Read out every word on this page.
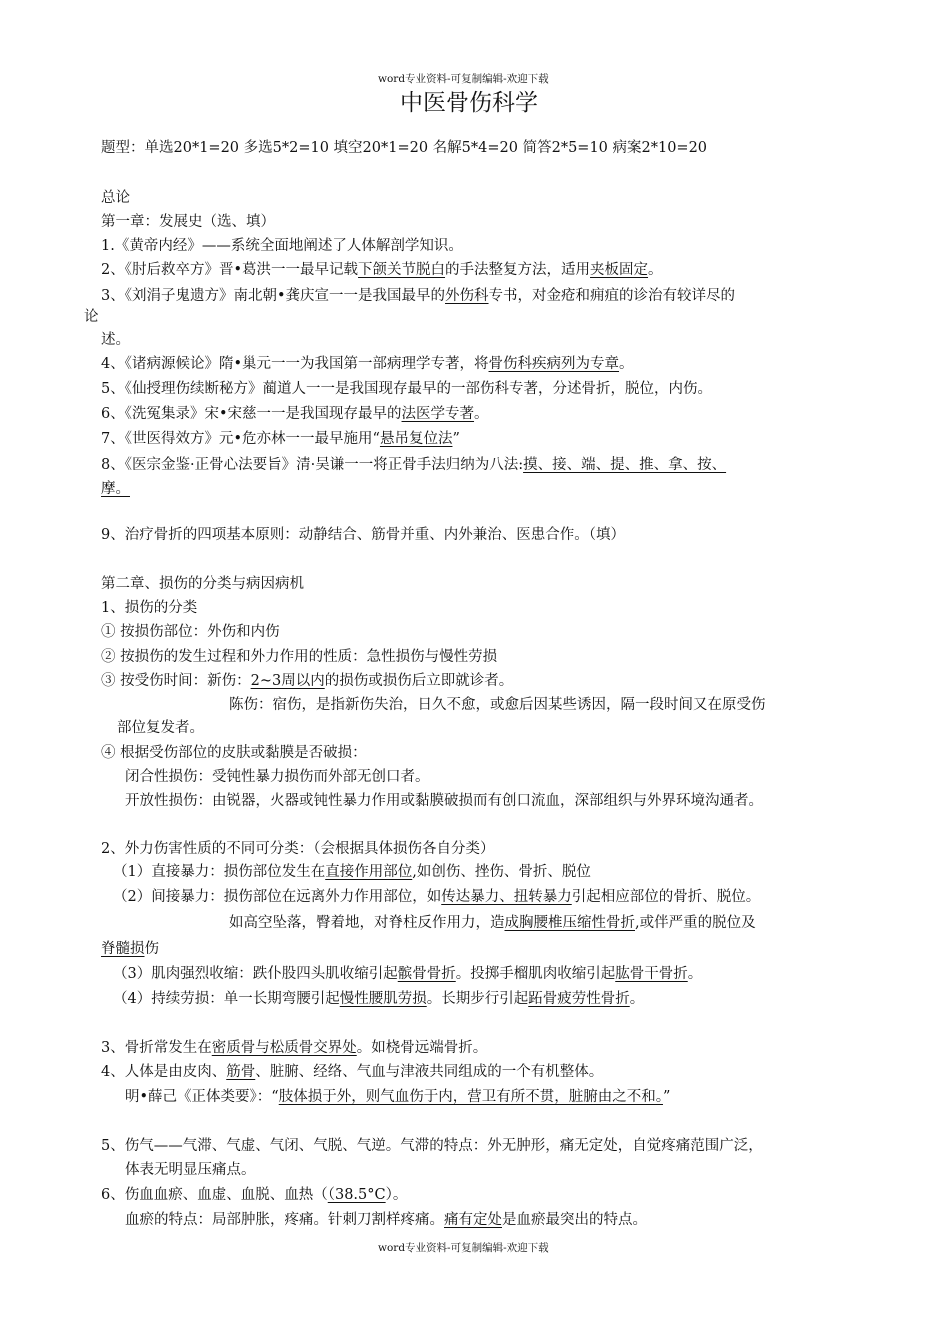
word专业资料-可复制编辑-欢迎下载
中医骨伤科学
题型：单选20*1=20 多选5*2=10 填空20*1=20 名解5*4=20 简答2*5=10 病案2*10=20
总论
第一章：发展史（选、填）
1.《黄帝内经》——系统全面地阐述了人体解剖学知识。
2、《肘后救卒方》晋•葛洪一一最早记载下颌关节脱白的手法整复方法，适用夹板固定。
3、《刘涓子鬼遗方》南北朝•龚庆宣一一是我国最早的外伤科专书，对金疮和痈疽的诊治有较详尽的
论
述。
4、《诸病源候论》隋•巢元一一为我国第一部病理学专著，将骨伤科疾病列为专章。
5、《仙授理伤续断秘方》蔺道人一一是我国现存最早的一部伤科专著，分述骨折，脱位，内伤。
6、《洗冤集录》宋•宋慈一一是我国现存最早的法医学专著。
7、《世医得效方》元•危亦林一一最早施用“悬吊复位法”
8、《医宗金鉴·正骨心法要旨》清·吴谦一一将正骨手法归纳为八法:摸、接、端、提、推、拿、按、
摩。
9、治疗骨折的四项基本原则：动静结合、筋骨并重、内外兼治、医患合作。（填）
第二章、损伤的分类与病因病机
1、损伤的分类
① 按损伤部位：外伤和内伤
② 按损伤的发生过程和外力作用的性质：急性损伤与慢性劳损
③ 按受伤时间：新伤：2~3周以内的损伤或损伤后立即就诊者。
陈伤：宿伤，是指新伤失治，日久不愈，或愈后因某些诱因，隔一段时间又在原受伤
部位复发者。
④ 根据受伤部位的皮肤或黏膜是否破损：
闭合性损伤：受钝性暴力损伤而外部无创口者。
开放性损伤：由锐器，火器或钝性暴力作用或黏膜破损而有创口流血，深部组织与外界环境沟通者。
2、外力伤害性质的不同可分类：（会根据具体损伤各自分类）
（1）直接暴力：损伤部位发生在直接作用部位,如创伤、挫伤、骨折、脱位
（2）间接暴力：损伤部位在远离外力作用部位，如传达暴力、扭转暴力引起相应部位的骨折、脱位。
如高空坠落，臀着地，对脊柱反作用力，造成胸腰椎压缩性骨折,或伴严重的脱位及
脊髓损伤
（3）肌肉强烈收缩：跌仆股四头肌收缩引起髌骨骨折。投掷手榴肌肉收缩引起肱骨干骨折。
（4）持续劳损：单一长期弯腰引起慢性腰肌劳损。长期步行引起跖骨疲劳性骨折。
3、骨折常发生在密质骨与松质骨交界处。如桡骨远端骨折。
4、人体是由皮肉、筋骨、脏腑、经络、气血与津液共同组成的一个有机整体。
明•薛己《正体类要》：“肢体损于外，则气血伤于内，营卫有所不贯，脏腑由之不和。”
5、伤气——气滞、气虚、气闭、气脱、气逆。气滞的特点：外无肿形，痛无定处，自觉疼痛范围广泛，
体表无明显压痛点。
6、伤血血瘀、血虚、血脱、血热（（38.5°C）。
血瘀的特点：局部肿胀，疼痛。针刺刀割样疼痛。痛有定处是血瘀最突出的特点。
word专业资料-可复制编辑-欢迎下载
